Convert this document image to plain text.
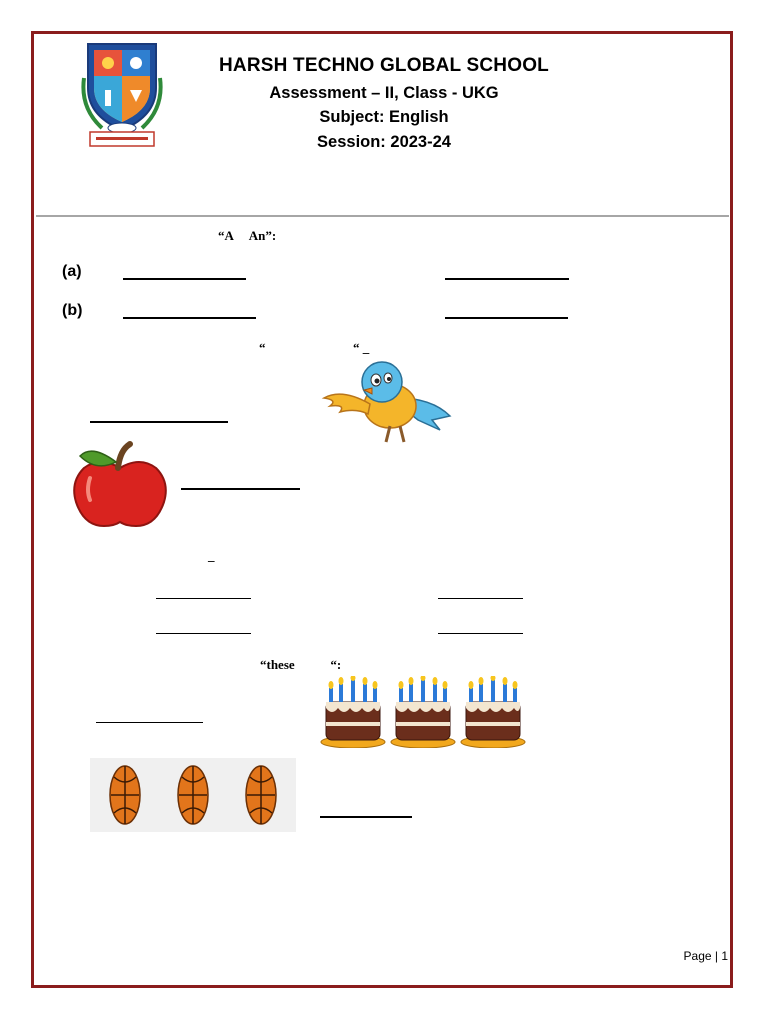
HARSH TECHNO GLOBAL SCHOOL
Assessment – II, Class - UKG
Subject: English
Session: 2023-24
“A     An”:
(a)
(b)
“	“ _
_
“these           “:
Page | 1
